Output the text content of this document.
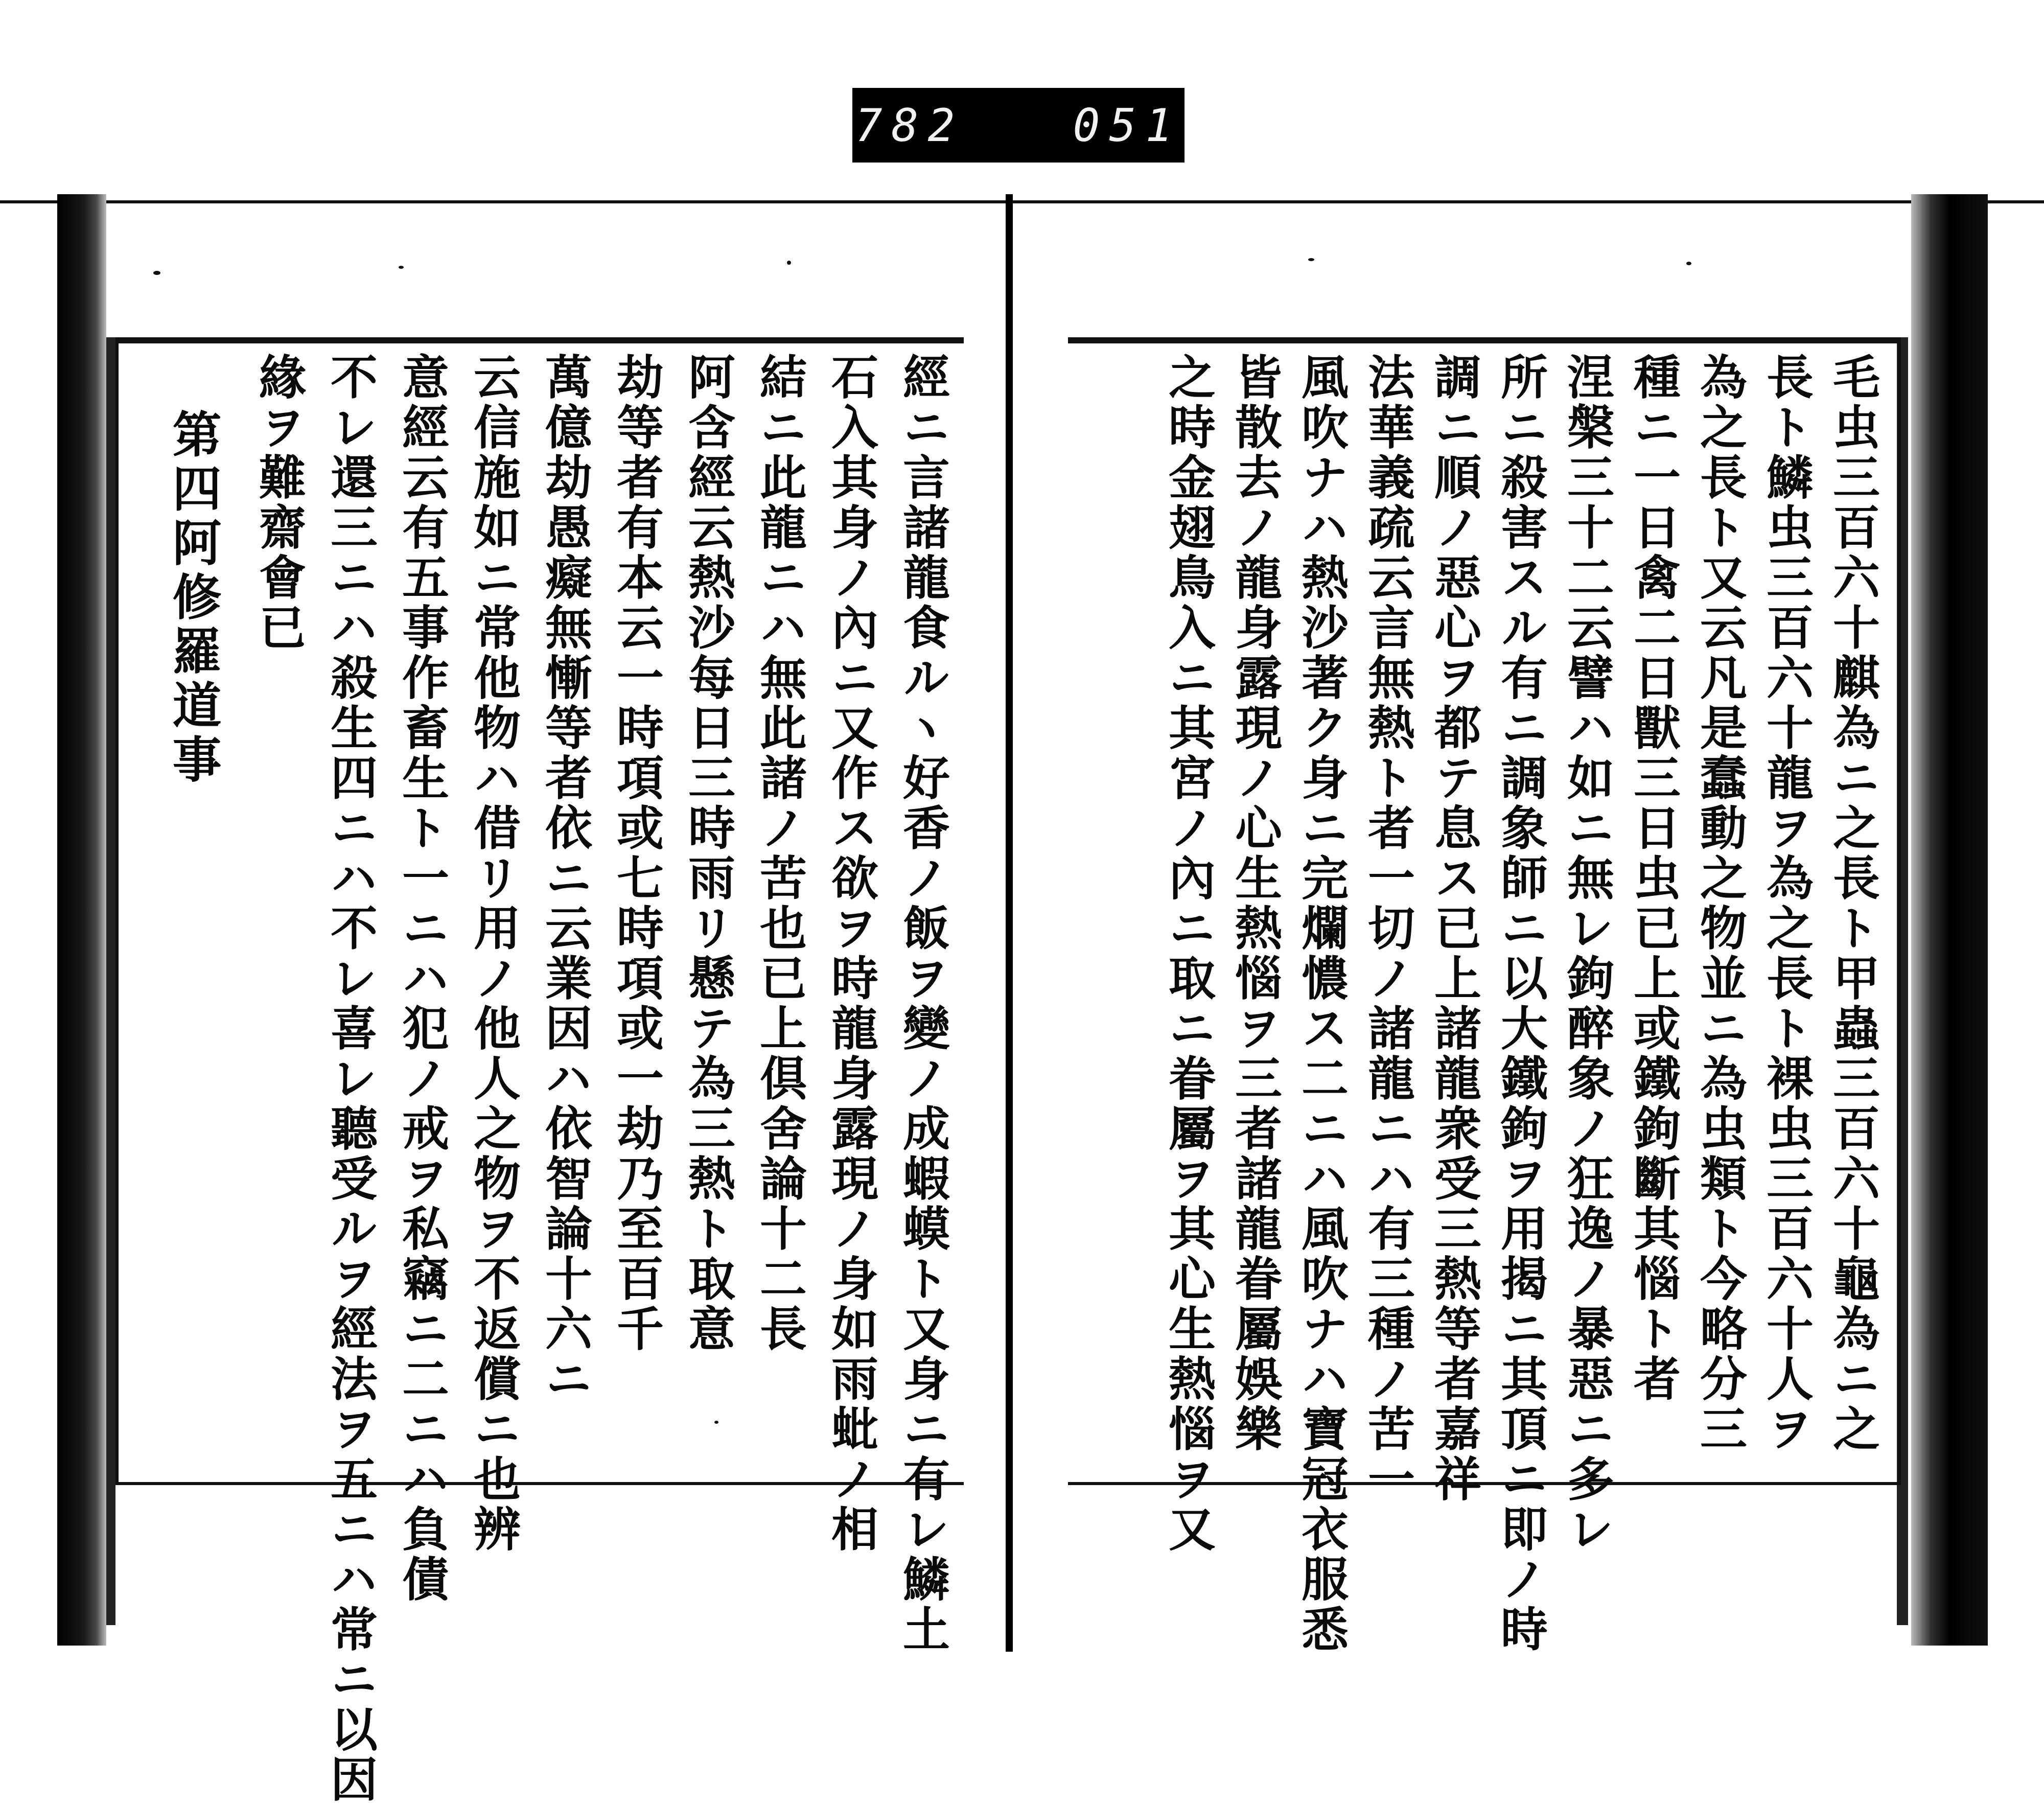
782   051
經ニ言諸龍食ルヽ好香ノ飯ヲ變ノ成蝦蟆ト又身ニ有レ鱗土
石入其身ノ內ニ又作ス欲ヲ時龍身露現ノ身如雨蚍ノ相
結ニ此龍ニハ無此諸ノ苦也已上倶舍論十二長
阿含經云熱沙每日三時雨リ懸テ為三熱ト取意
劫等者有本云一時項或七時項或一劫乃至百千
萬億劫愚癡無慚等者依ニ云業因ハ依智論十六ニ
云信施如ニ常他物ハ借リ用ノ他人之物ヲ不返償ニ也辨
意經云有五事作畜生ト一ニハ犯ノ戒ヲ私竊ニ二ニハ負債
不レ還三ニハ殺生四ニハ不レ喜レ聽受ルヲ經法ヲ五ニハ常ニ以因
緣ヲ難齋會已
第四阿修羅道事	毛虫三百六十麒為ニ之長ト甲蟲三百六十龜為ニ之
長ト鱗虫三百六十龍ヲ為之長ト裸虫三百六十人ヲ
為之長ト又云凡是蠢動之物並ニ為虫類ト今略分三
種ニ一日禽二日獸三日虫已上或鐵鉤斷其惱ト者
涅槃三十二云譬ハ如ニ無レ鉤醉象ノ狂逸ノ暴惡ニ多レ
所ニ殺害スル有ニ調象師ニ以大鐵鉤ヲ用揭ニ其頂ニ即ノ時
調ニ順ノ惡心ヲ都テ息ス已上諸龍衆受三熱等者嘉祥
法華義疏云言無熱ト者一切ノ諸龍ニハ有三種ノ苦一
風吹ナハ熱沙著ク身ニ完爛憹ス二ニハ風吹ナハ寶冠衣服悉
皆散去ノ龍身露現ノ心生熱惱ヲ三者諸龍眷屬娛樂
之時金翅鳥入ニ其宮ノ內ニ取ニ眷屬ヲ其心生熱惱ヲ又
